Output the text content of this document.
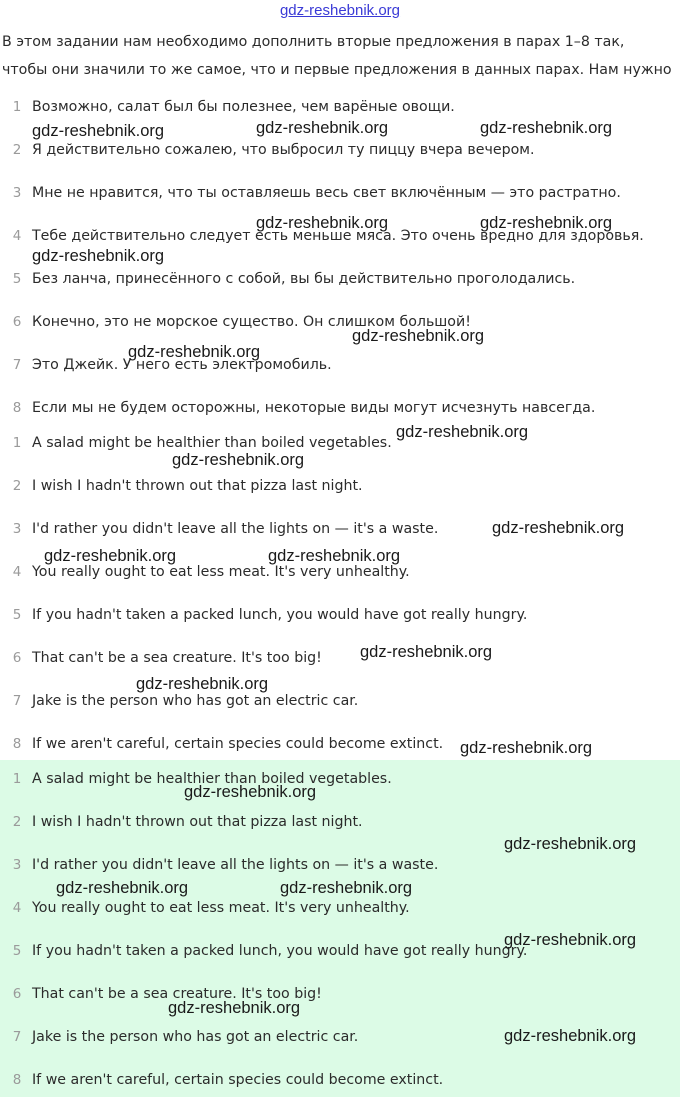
gdz-reshebnik.org
В этом задании нам необходимо дополнить вторые предложения в парах 1–8 так, чтобы они значили то же самое, что и первые предложения в данных парах. Нам нужно
1 Возможно, салат был бы полезнее, чем варёные овощи.
2 Я действительно сожалею, что выбросил ту пиццу вчера вечером.
3 Мне не нравится, что ты оставляешь весь свет включённым — это растратно.
4 Тебе действительно следует есть меньше мяса. Это очень вредно для здоровья.
5 Без ланча, принесённого с собой, вы бы действительно проголодались.
6 Конечно, это не морское существо. Он слишком большой!
7 Это Джейк. У него есть электромобиль.
8 Если мы не будем осторожны, некоторые виды могут исчезнуть навсегда.
1 A salad might be healthier than boiled vegetables.
2 I wish I hadn't thrown out that pizza last night.
3 I'd rather you didn't leave all the lights on — it's a waste.
4 You really ought to eat less meat. It's very unhealthy.
5 If you hadn't taken a packed lunch, you would have got really hungry.
6 That can't be a sea creature. It's too big!
7 Jake is the person who has got an electric car.
8 If we aren't careful, certain species could become extinct.
1 A salad might be healthier than boiled vegetables.
2 I wish I hadn't thrown out that pizza last night.
3 I'd rather you didn't leave all the lights on — it's a waste.
4 You really ought to eat less meat. It's very unhealthy.
5 If you hadn't taken a packed lunch, you would have got really hungry.
6 That can't be a sea creature. It's too big!
7 Jake is the person who has got an electric car.
8 If we aren't careful, certain species could become extinct.
gdz-reshebnik.org	gdz-reshebnik.org	gdz-reshebnik.org
gdz-reshebnik.org	gdz-reshebnik.org
gdz-reshebnik.org
gdz-reshebnik.org
gdz-reshebnik.org
gdz-reshebnik.org
gdz-reshebnik.org
gdz-reshebnik.org
gdz-reshebnik.org	gdz-reshebnik.org
gdz-reshebnik.org
gdz-reshebnik.org
gdz-reshebnik.org
gdz-reshebnik.org
gdz-reshebnik.org
gdz-reshebnik.org	gdz-reshebnik.org
gdz-reshebnik.org
gdz-reshebnik.org
gdz-reshebnik.org
